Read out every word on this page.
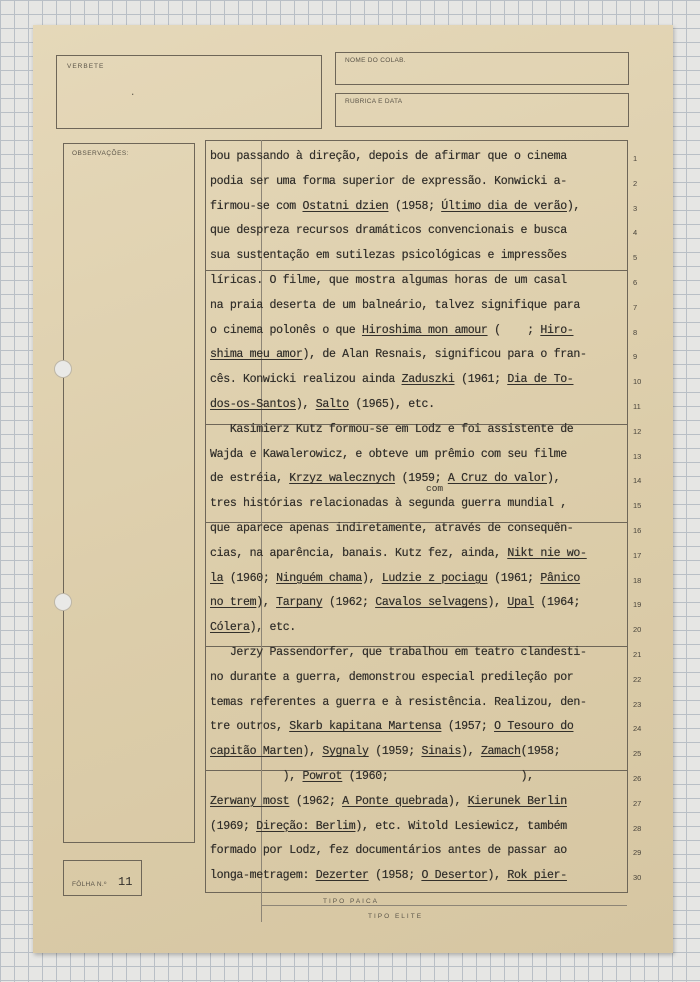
VERBETE
·
NOME DO COLAB.
RUBRICA E DATA
OBSERVAÇÕES:
FÔLHA N.º 11
bou passando à direção, depois de afirmar que o cinema
podia ser uma forma superior de expressão. Konwicki a-
firmou-se com Ostatni dzien (1958; Último dia de verão),
que despreza recursos dramáticos convencionais e busca
sua sustentação em sutilezas psicológicas e impressões
líricas. O filme, que mostra algumas horas de um casal
na praia deserta de um balneário, talvez signifique para
o cinema polonês o que Hiroshima mon amour (    ; Hiro-
shima meu amor), de Alan Resnais, significou para o fran-
cês. Konwicki realizou ainda Zaduszki (1961; Dia de To-
dos-os-Santos), Salto (1965), etc.
Kasimierz Kutz formou-se em Lodz e foi assistente de
Wajda e Kawalerowicz, e obteve um prêmio com seu filme
de estréia, Krzyz walecznych (1959; A Cruz do valor),
tres histórias relacionadas à segunda guerra mundial ,
que aparece apenas indiretamente, através de consequên-
cias, na aparência, banais. Kutz fez, ainda, Nikt nie wo-
la (1960; Ninguém chama), Ludzie z pociagu (1961; Pânico
no trem), Tarpany (1962; Cavalos selvagens), Upal (1964;
Cólera), etc.
Jerzy Passendorfer, que trabalhou em teatro clandesti-
no durante a guerra, demonstrou especial predileção por
temas referentes a guerra e à resistência. Realizou, den-
tre outros, Skarb kapitana Martensa (1957; O Tesouro do
capitão Marten), Sygnaly (1959; Sinais), Zamach(1958;
), Powrot (1960;                    ),
Zerwany most (1962; A Ponte quebrada), Kierunek Berlin
(1969; Direção: Berlim), etc. Witold Lesiewicz, também
formado por Lodz, fez documentários antes de passar ao
longa-metragem: Dezerter (1958; O Desertor), Rok pier-
com
1
2
3
4
5
6
7
8
9
10
11
12
13
14
15
16
17
18
19
20
21
22
23
24
25
26
27
28
29
30
TIPO PAICA
TIPO ELITE
